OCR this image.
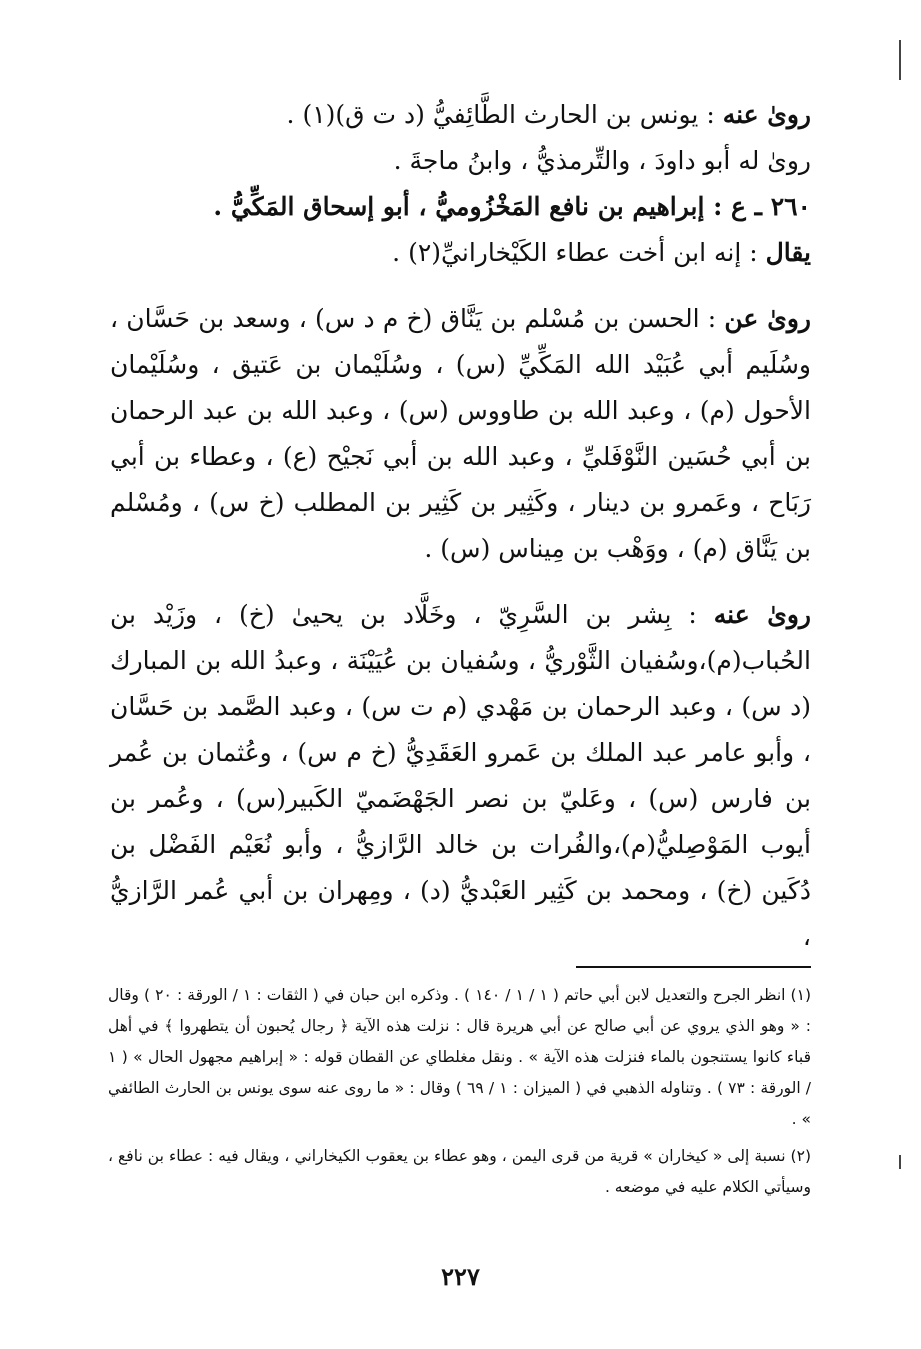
روىٰ عنه : يونس بن الحارث الطَّائِفيُّ (د ت ق)(١) .

روىٰ له أبو داودَ ، والتِّرمذيُّ ، وابنُ ماجةَ .

٢٦٠ ـ ع : إبراهيم بن نافع المَخْزُوميُّ ، أبو إسحاق المَكِّيُّ .
يقال : إنه ابن أخت عطاء الكَيْخارانيِّ(٢) .

روىٰ عن : الحسن بن مُسْلم بن يَنَّاق (خ م د س) ، وسعد بن حَسَّان ، وسُلَيم أبي عُبَيْد الله المَكِّيِّ (س) ، وسُلَيْمان بن عَتيق ، وسُلَيْمان الأحول (م) ، وعبد الله بن طاووس (س) ، وعبد الله بن عبد الرحمان بن أبي حُسَين النَّوْفَليِّ ، وعبد الله بن أبي نَجيْح (ع) ، وعطاء بن أبي رَبَاح ، وعَمرو بن دينار ، وكَثِير بن كَثِير بن المطلب (خ س) ، ومُسْلم بن يَنَّاق (م) ، ووَهْب بن مِيناس (س) .

روىٰ عنه : بِشر بن السَّرِيّ ، وخَلَّاد بن يحيىٰ (خ) ، وزَيْد بن الحُباب(م)،وسُفيان الثَّوْريُّ ، وسُفيان بن عُيَيْنَة ، وعبدُ الله بن المبارك (د س) ، وعبد الرحمان بن مَهْدي (م ت س) ، وعبد الصَّمد بن حَسَّان ، وأبو عامر عبد الملك بن عَمرو العَقَدِيُّ (خ م س) ، وعُثمان بن عُمر بن فارس (س) ، وعَليّ بن نصر الجَهْضَميّ الكَبير(س) ، وعُمر بن أيوب المَوْصِليُّ(م)،والفُرات بن خالد الرَّازيُّ ، وأبو نُعَيْم الفَضْل بن دُكَين (خ) ، ومحمد بن كَثِير العَبْديُّ (د) ، ومِهران بن أبي عُمر الرَّازيُّ ،

(١) انظر الجرح والتعديل لابن أبي حاتم ( ١ / ١ / ١٤٠ ) . وذكره ابن حبان في ( الثقات : ١ / الورقة : ٢٠ ) وقال : « وهو الذي يروي عن أبي صالح عن أبي هريرة قال : نزلت هذه الآية ﴿ رجال يُحبون أن يتطهروا ﴾ في أهل قباء كانوا يستنجون بالماء فنزلت هذه الآية » . ونقل مغلطاي عن القطان قوله : « إبراهيم مجهول الحال » ( ١ / الورقة : ٧٣ ) . وتناوله الذهبي في ( الميزان : ١ / ٦٩ ) وقال : « ما روى عنه سوى يونس بن الحارث الطائفي » .

(٢) نسبة إلى « كيخاران » قرية من قرى اليمن ، وهو عطاء بن يعقوب الكيخاراني ، ويقال فيه : عطاء بن نافع ، وسيأتي الكلام عليه في موضعه .

٢٢٧
